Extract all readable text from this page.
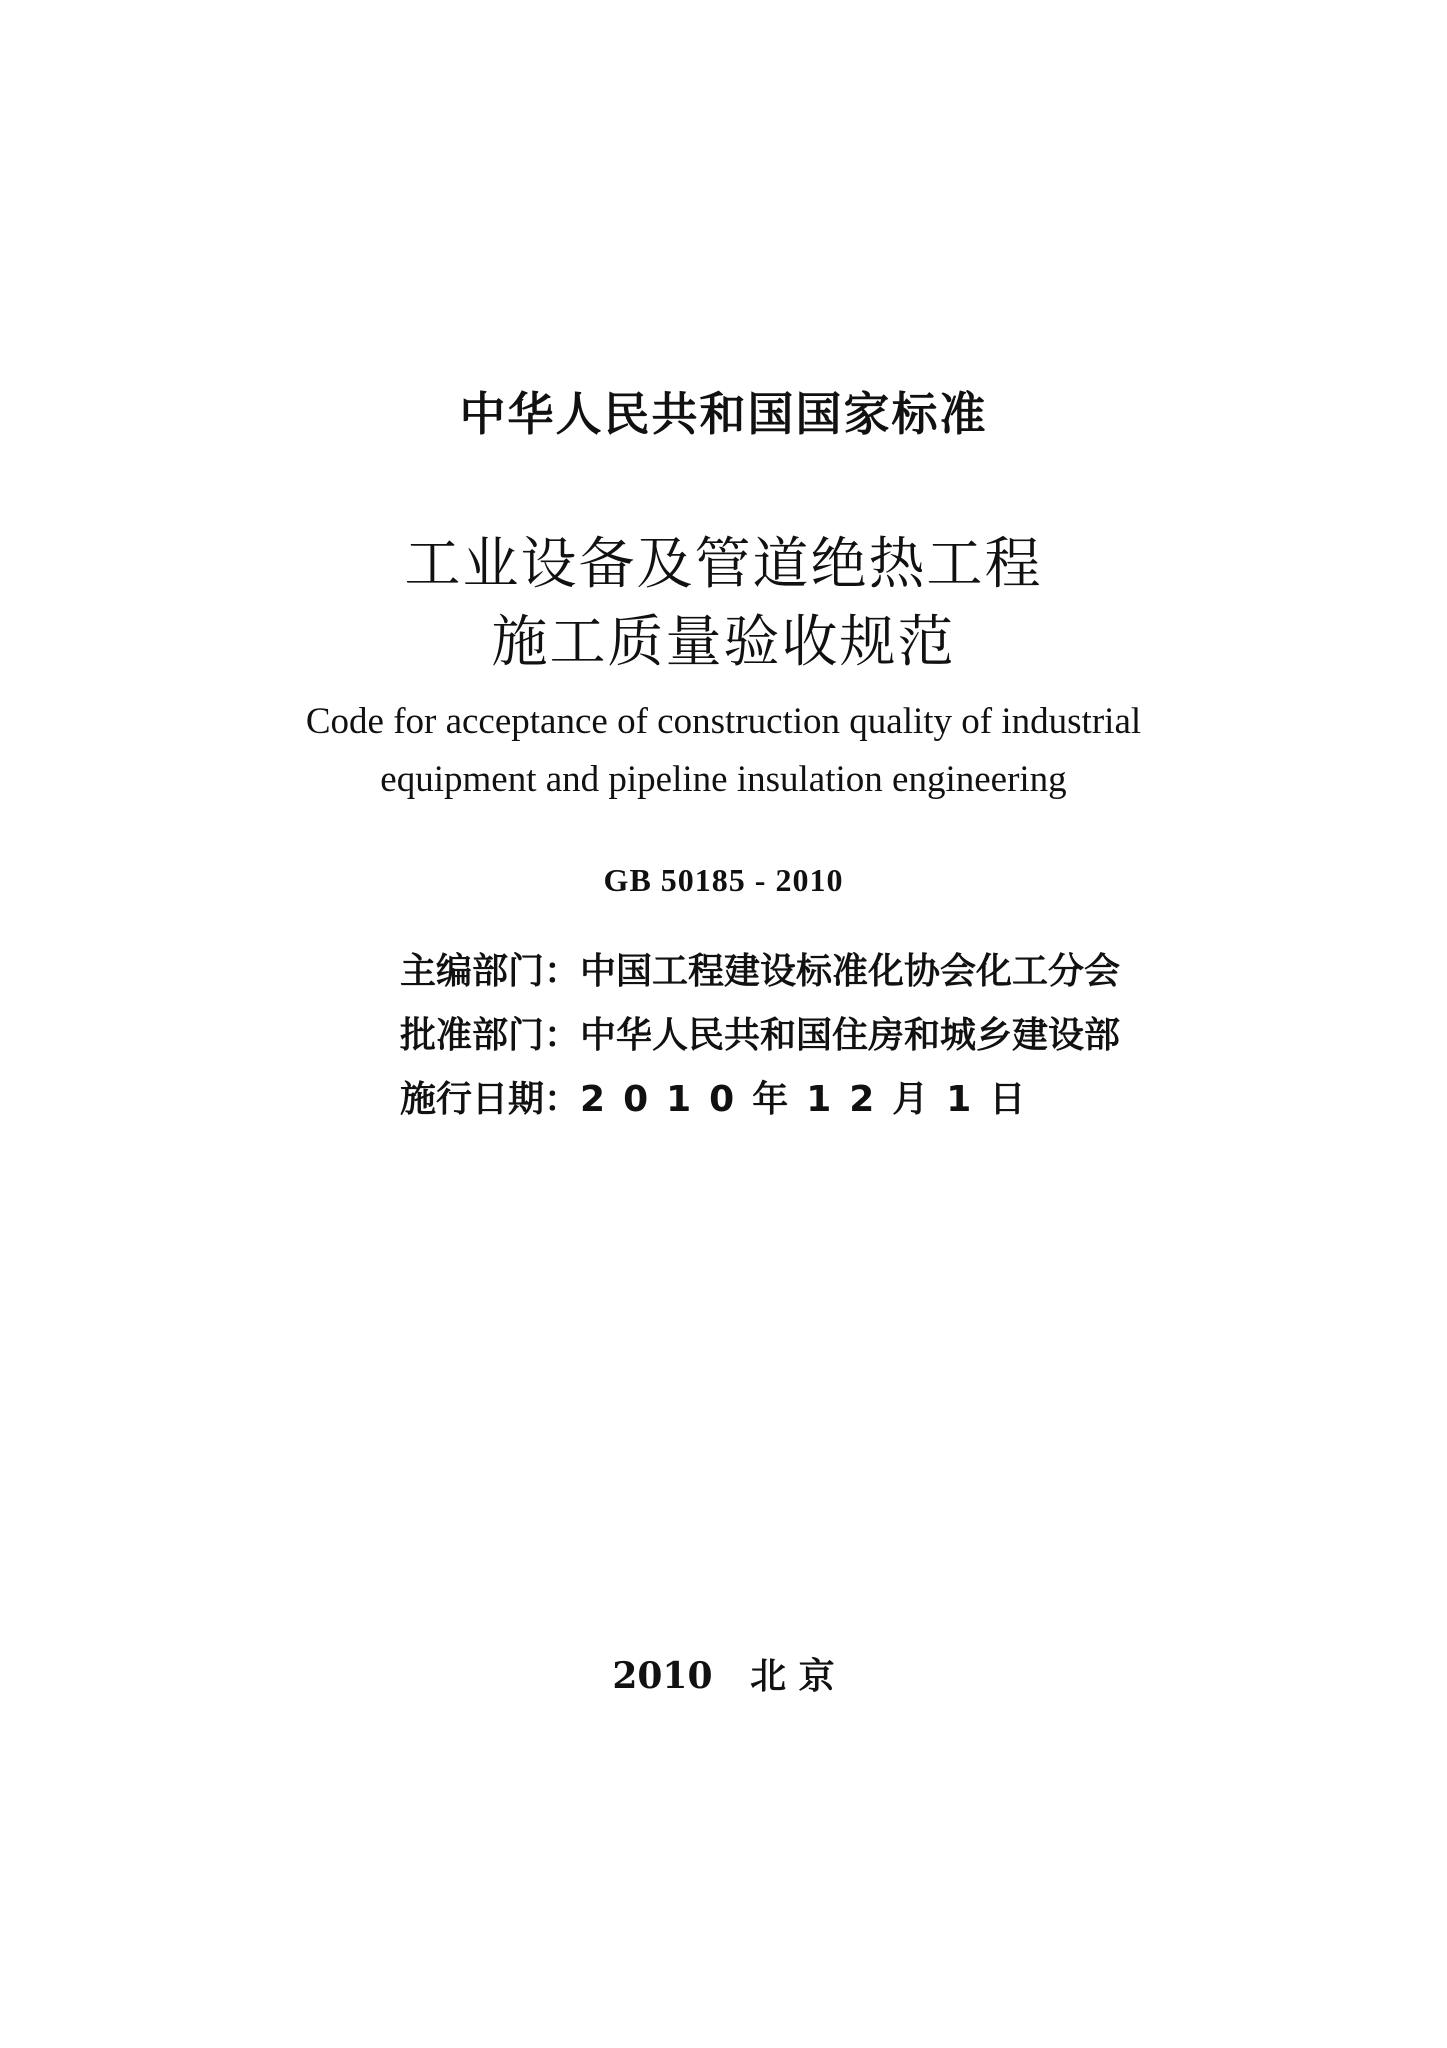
中华人民共和国国家标准
工业设备及管道绝热工程
施工质量验收规范
Code for acceptance of construction quality of industrial
equipment and pipeline insulation engineering
GB 50185 - 2010
主编部门：中国工程建设标准化协会化工分会
批准部门：中华人民共和国住房和城乡建设部
施行日期：2010年12月1日
2010 北 京
